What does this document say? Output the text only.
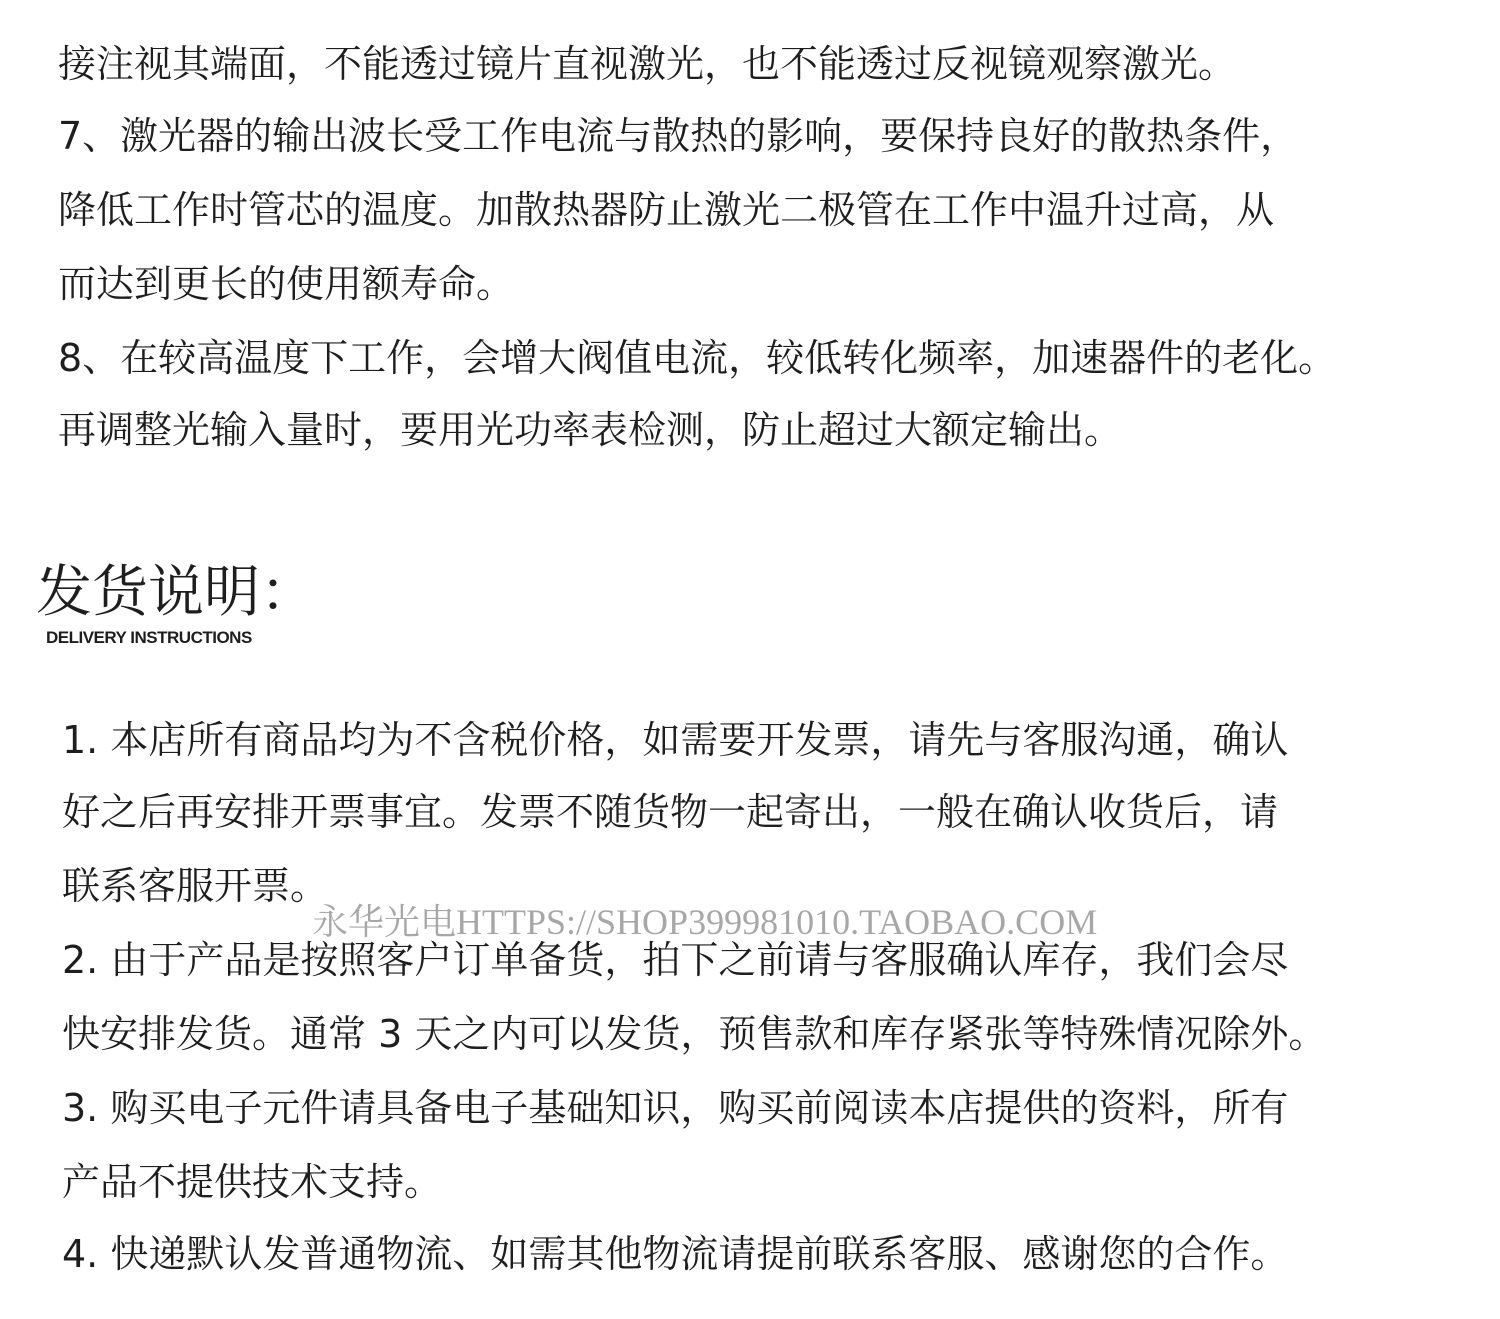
接注视其端面，不能透过镜片直视激光，也不能透过反视镜观察激光。
7、激光器的输出波长受工作电流与散热的影响，要保持良好的散热条件，
降低工作时管芯的温度。加散热器防止激光二极管在工作中温升过高，从
而达到更长的使用额寿命。
8、在较高温度下工作，会增大阀值电流，较低转化频率，加速器件的老化。
再调整光输入量时，要用光功率表检测，防止超过大额定输出。
发货说明：
DELIVERY INSTRUCTIONS
1. 本店所有商品均为不含税价格，如需要开发票，请先与客服沟通，确认
好之后再安排开票事宜。发票不随货物一起寄出，一般在确认收货后，请
联系客服开票。
2. 由于产品是按照客户订单备货，拍下之前请与客服确认库存，我们会尽
快安排发货。通常 3 天之内可以发货，预售款和库存紧张等特殊情况除外。
3. 购买电子元件请具备电子基础知识，购买前阅读本店提供的资料，所有
产品不提供技术支持。
4. 快递默认发普通物流、如需其他物流请提前联系客服、感谢您的合作。
永华光电HTTPS://SHOP399981010.TAOBAO.COM
